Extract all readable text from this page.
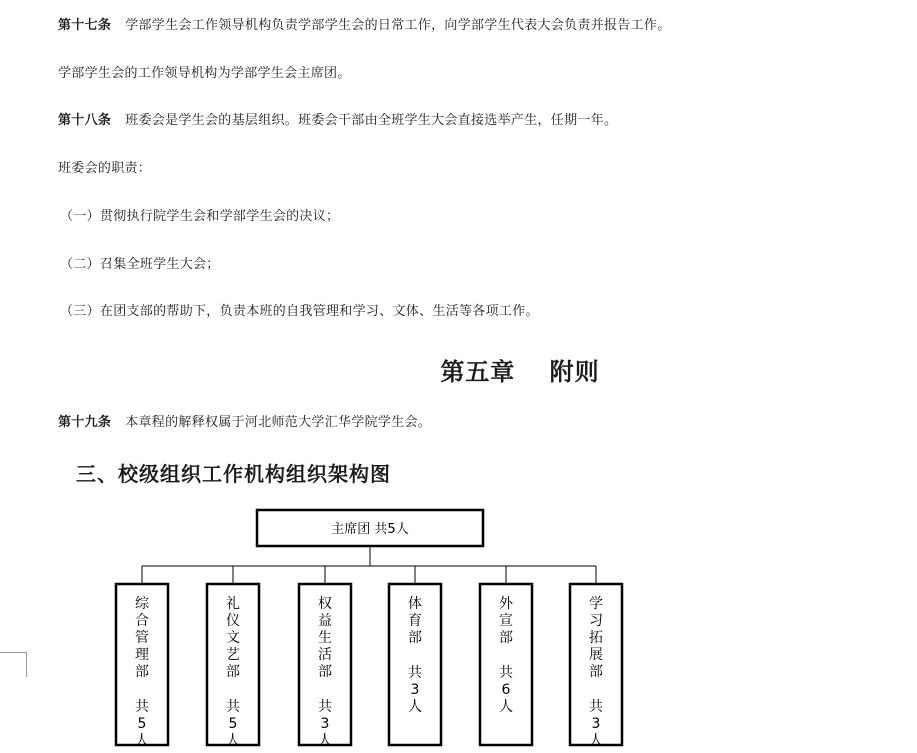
第十七条 学部学生会工作领导机构负责学部学生会的日常工作，向学部学生代表大会负责并报告工作。
学部学生会的工作领导机构为学部学生会主席团。
第十八条 班委会是学生会的基层组织。班委会干部由全班学生大会直接选举产生，任期一年。
班委会的职责：
（一）贯彻执行院学生会和学部学生会的决议；
（二）召集全班学生大会；
（三）在团支部的帮助下，负责本班的自我管理和学习、文体、生活等各项工作。
第五章　 附则
第十九条 本章程的解释权属于河北师范大学汇华学院学生会。
三、校级组织工作机构组织架构图
主席团 共5人
综合管理部
共 5 人
礼仪文艺部
共 5 人
权益生活部
共 3 人
体育部
共 3 人
外宣部
共 6 人
学习拓展部
共 3 人
